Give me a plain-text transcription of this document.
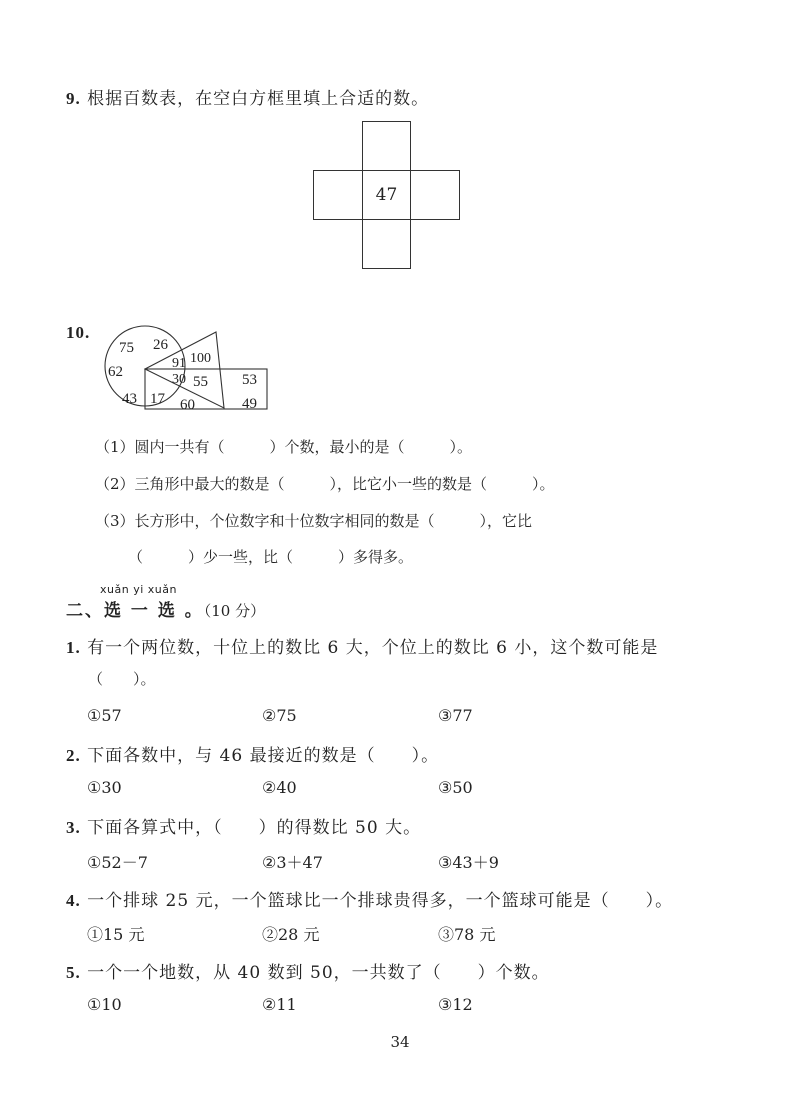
9. 根据百数表，在空白方框里填上合适的数。
47
10.
75 26
91 100
62	30 55 53
43 17 60	49
（1）圆内一共有（　　　）个数，最小的是（　　　）。
（2）三角形中最大的数是（　　　），比它小一些的数是（　　　）。
（3）长方形中，个位数字和十位数字相同的数是（　　　），它比
（　　　）少一些，比（　　　）多得多。
xuǎn yi xuǎn
二、选 一 选 。（10 分）
1. 有一个两位数，十位上的数比 6 大，个位上的数比 6 小，这个数可能是
（　　）。
①57	②75	③77
2. 下面各数中，与 46 最接近的数是（　　）。
①30	②40	③50
3. 下面各算式中，（　　）的得数比 50 大。
①52－7	②3＋47	③43＋9
4. 一个排球 25 元，一个篮球比一个排球贵得多，一个篮球可能是（　　）。
①15 元	②28 元	③78 元
5. 一个一个地数，从 40 数到 50，一共数了（　　）个数。
①10	②11	③12
34
